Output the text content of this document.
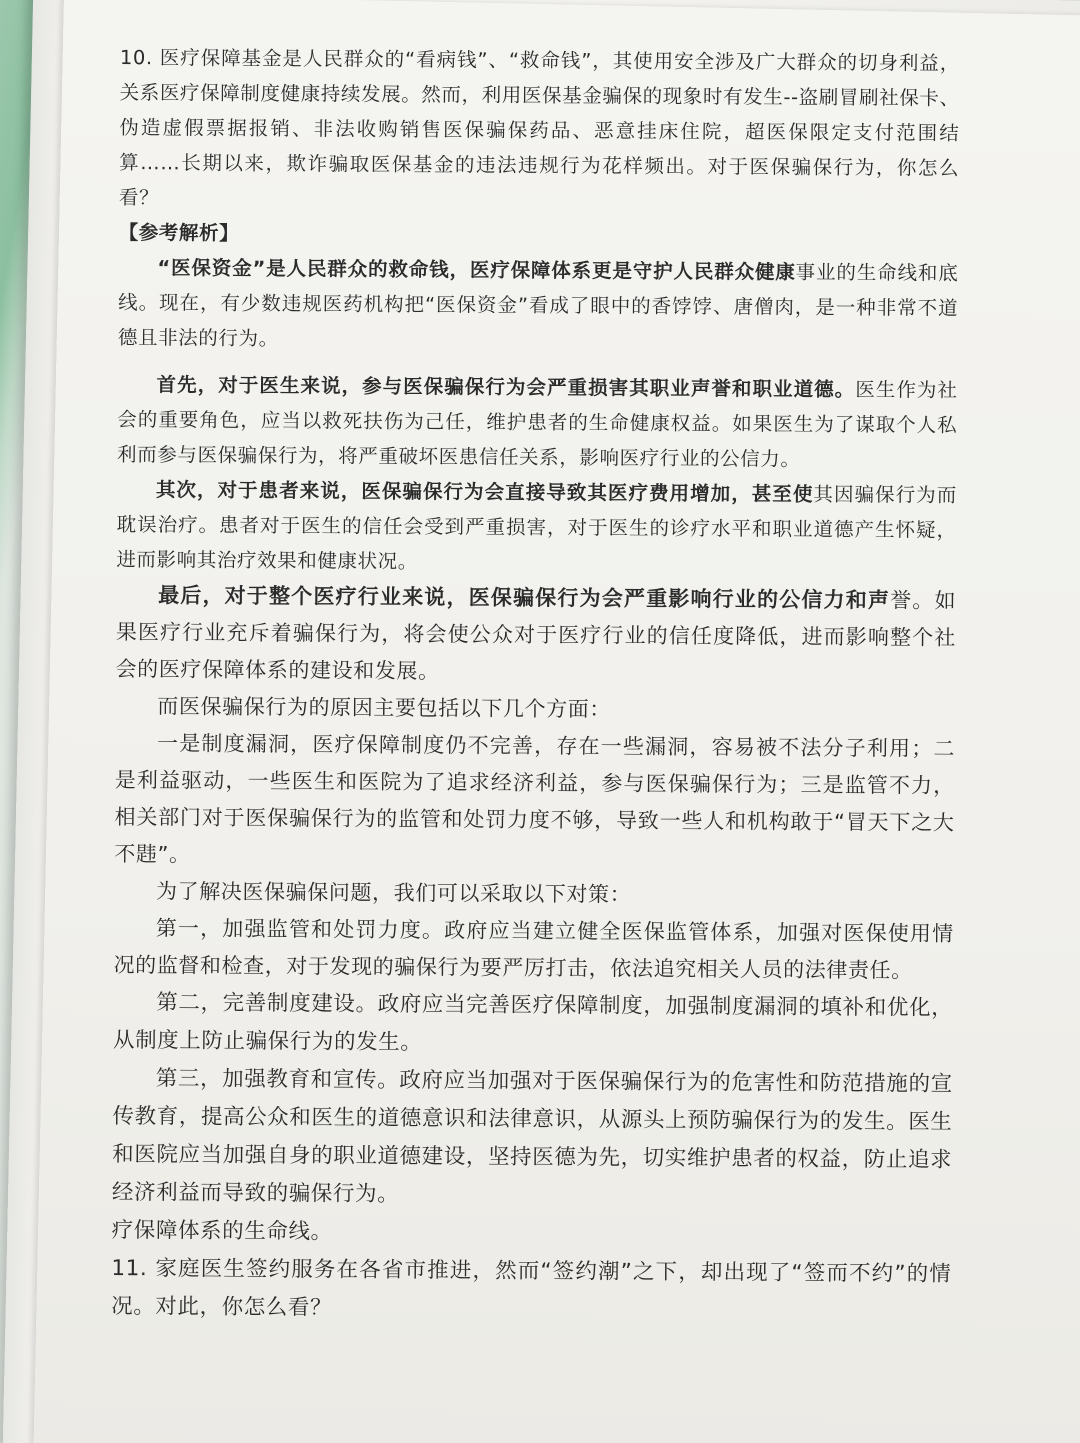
10. 医疗保障基金是人民群众的“看病钱”、“救命钱”，其使用安全涉及广大群众的切身利益，关系医疗保障制度健康持续发展。然而，利用医保基金骗保的现象时有发生--盗刷冒刷社保卡、伪造虚假票据报销、非法收购销售医保骗保药品、恶意挂床住院，超医保限定支付范围结算……长期以来，欺诈骗取医保基金的违法违规行为花样频出。对于医保骗保行为，你怎么看？

【参考解析】

“医保资金”是人民群众的救命钱，医疗保障体系更是守护人民群众健康事业的生命线和底线。现在，有少数违规医药机构把“医保资金”看成了眼中的香饽饽、唐僧肉，是一种非常不道德且非法的行为。

首先，对于医生来说，参与医保骗保行为会严重损害其职业声誉和职业道德。医生作为社会的重要角色，应当以救死扶伤为己任，维护患者的生命健康权益。如果医生为了谋取个人私利而参与医保骗保行为，将严重破坏医患信任关系，影响医疗行业的公信力。

其次，对于患者来说，医保骗保行为会直接导致其医疗费用增加，甚至使其因骗保行为而耽误治疗。患者对于医生的信任会受到严重损害，对于医生的诊疗水平和职业道德产生怀疑，进而影响其治疗效果和健康状况。

最后，对于整个医疗行业来说，医保骗保行为会严重影响行业的公信力和声誉。如果医疗行业充斥着骗保行为，将会使公众对于医疗行业的信任度降低，进而影响整个社会的医疗保障体系的建设和发展。

而医保骗保行为的原因主要包括以下几个方面：

一是制度漏洞，医疗保障制度仍不完善，存在一些漏洞，容易被不法分子利用；二是利益驱动，一些医生和医院为了追求经济利益，参与医保骗保行为；三是监管不力，相关部门对于医保骗保行为的监管和处罚力度不够，导致一些人和机构敢于“冒天下之大不韪”。

为了解决医保骗保问题，我们可以采取以下对策：

第一，加强监管和处罚力度。政府应当建立健全医保监管体系，加强对医保使用情况的监督和检查，对于发现的骗保行为要严厉打击，依法追究相关人员的法律责任。

第二，完善制度建设。政府应当完善医疗保障制度，加强制度漏洞的填补和优化，从制度上防止骗保行为的发生。

第三，加强教育和宣传。政府应当加强对于医保骗保行为的危害性和防范措施的宣传教育，提高公众和医生的道德意识和法律意识，从源头上预防骗保行为的发生。医生和医院应当加强自身的职业道德建设，坚持医德为先，切实维护患者的权益，防止追求经济利益而导致的骗保行为。

疗保障体系的生命线。

11. 家庭医生签约服务在各省市推进，然而“签约潮”之下，却出现了“签而不约”的情况。对此，你怎么看？
